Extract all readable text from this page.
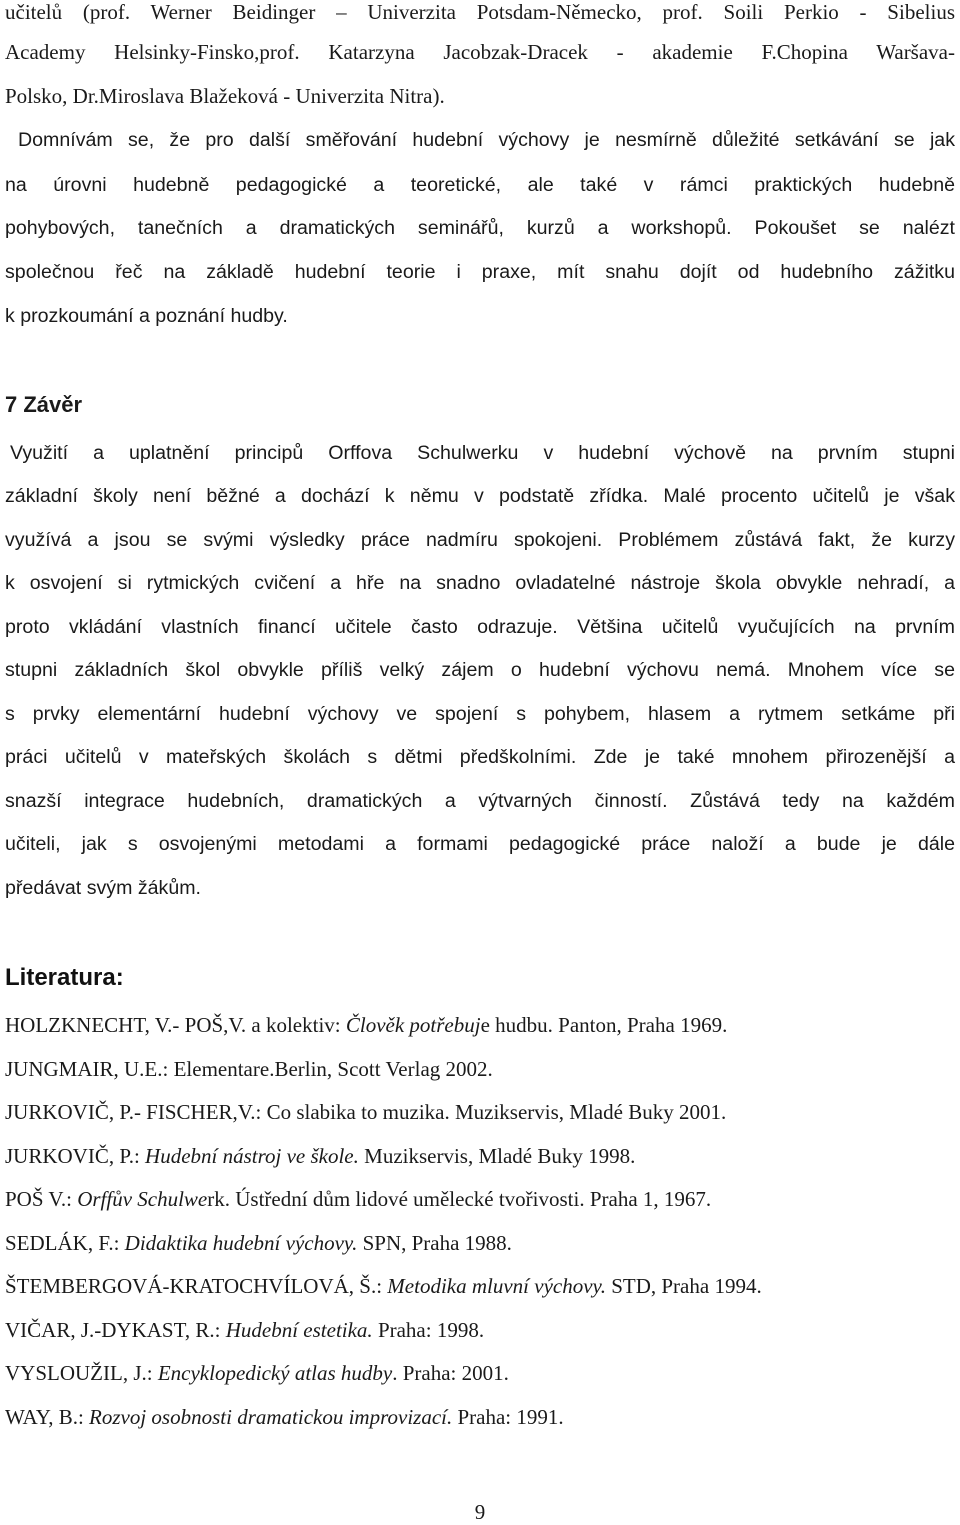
učitelů (prof. Werner Beidinger – Univerzita Potsdam-Německo, prof. Soili Perkio - Sibelius
Academy Helsinky-Finsko,prof. Katarzyna Jacobzak-Dracek - akademie F.Chopina Waršava-
Polsko, Dr.Miroslava Blažeková - Univerzita Nitra).
Domnívám se, že pro další směřování hudební výchovy je nesmírně důležité setkávání se jak
na úrovni hudebně pedagogické a teoretické, ale také v rámci praktických hudebně
pohybových, tanečních a dramatických seminářů, kurzů a workshopů. Pokoušet se nalézt
společnou řeč na základě hudební teorie i praxe, mít snahu dojít od hudebního zážitku
k prozkoumání a poznání hudby.
7 Závěr
Využití a uplatnění principů Orffova Schulwerku v hudební výchově na prvním stupni
základní školy není běžné a dochází k němu v podstatě zřídka. Malé procento učitelů je však
využívá a jsou se svými výsledky práce nadmíru spokojeni. Problémem zůstává fakt, že kurzy
k osvojení si rytmických cvičení a hře na snadno ovladatelné nástroje škola obvykle nehradí, a
proto vkládání vlastních financí učitele často odrazuje. Většina učitelů vyučujících na prvním
stupni základních škol obvykle příliš velký zájem o hudební výchovu nemá. Mnohem více se
s prvky elementární hudební výchovy ve spojení s pohybem, hlasem a rytmem setkáme při
práci učitelů v mateřských školách s dětmi předškolními. Zde je také mnohem přirozenější a
snazší integrace hudebních, dramatických a výtvarných činností. Zůstává tedy na každém
učiteli, jak s osvojenými metodami a formami pedagogické práce naloží a bude je dále
předávat svým žákům.
Literatura:
HOLZKNECHT, V.- POŠ,V. a kolektiv: Člověk potřebuje hudbu. Panton, Praha 1969.
JUNGMAIR, U.E.: Elementare.Berlin, Scott Verlag 2002.
JURKOVIČ, P.- FISCHER,V.: Co slabika to muzika. Muzikservis, Mladé Buky 2001.
JURKOVIČ, P.: Hudební nástroj ve škole. Muzikservis, Mladé Buky 1998.
POŠ V.: Orffův Schulwerk. Ústřední dům lidové umělecké tvořivosti. Praha 1, 1967.
SEDLÁK, F.: Didaktika hudební výchovy. SPN, Praha 1988.
ŠTEMBERGOVÁ-KRATOCHVÍLOVÁ, Š.: Metodika mluvní výchovy. STD, Praha 1994.
VIČAR, J.-DYKAST, R.: Hudební estetika. Praha: 1998.
VYSLOUŽIL, J.: Encyklopedický atlas hudby. Praha: 2001.
WAY, B.: Rozvoj osobnosti dramatickou improvizací. Praha: 1991.
9
